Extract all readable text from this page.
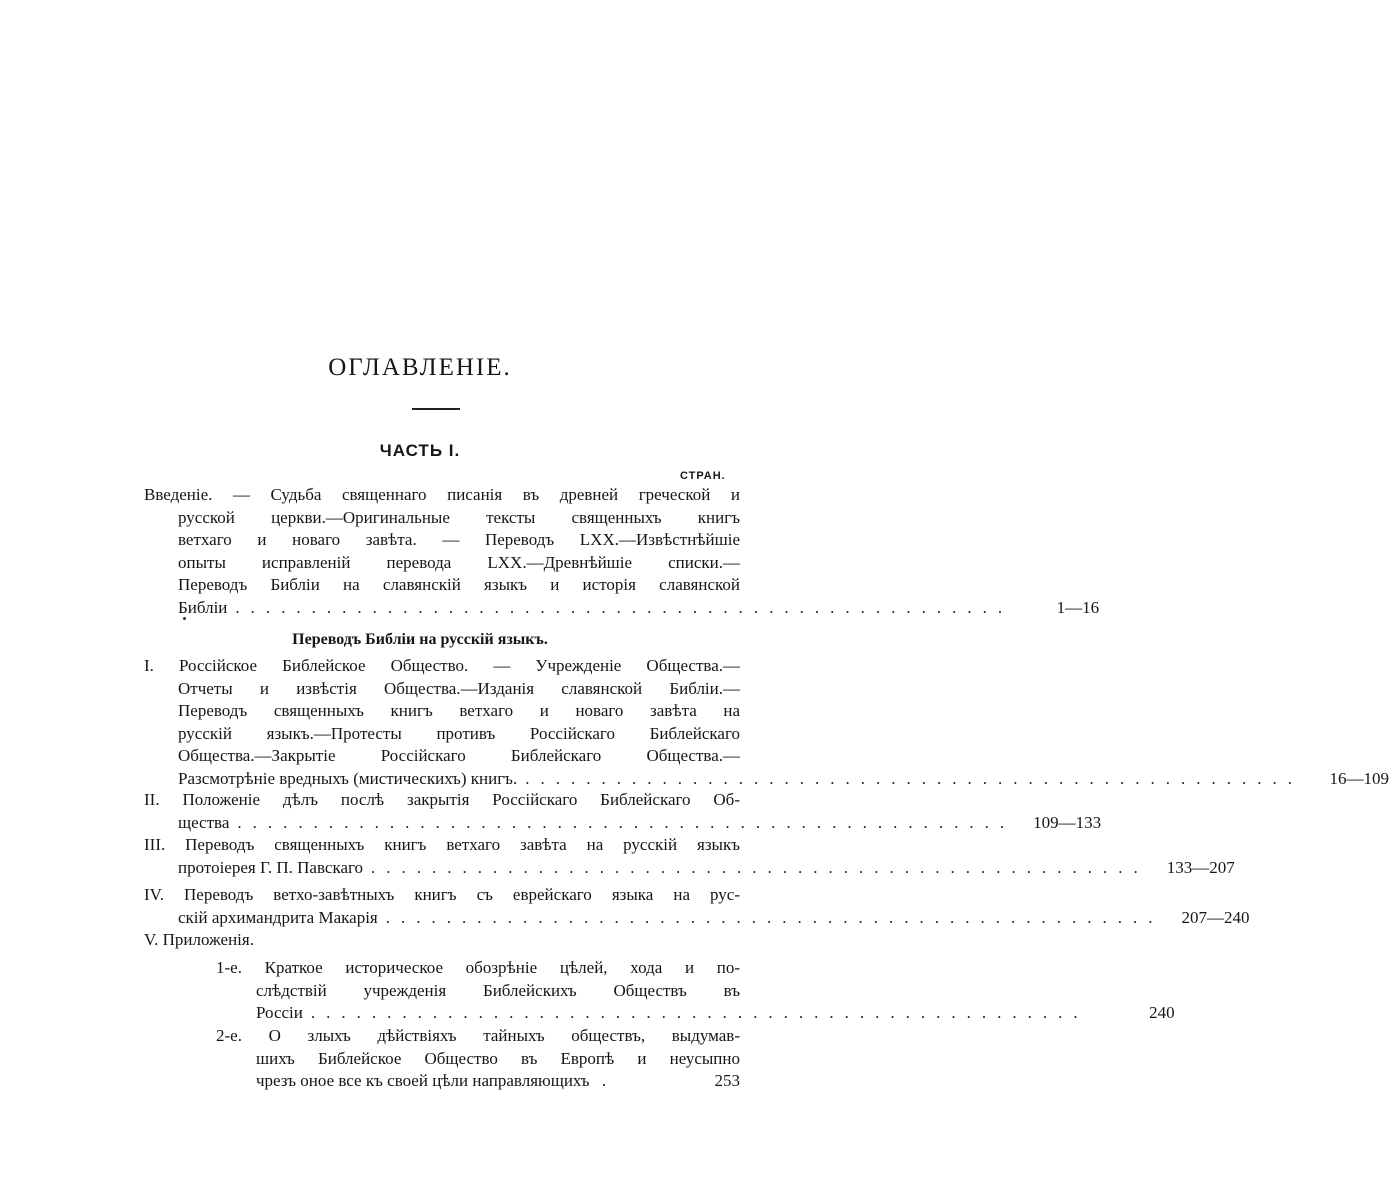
ОГЛАВЛЕНІЕ.
ЧАСТЬ I.
СТРАН.
Введеніе. — Судьба священнаго писанія въ древней греческой и
русской церкви.—Оригинальные тексты священныхъ книгъ
ветхаго и новаго завѣта. — Переводъ LXX.—Извѣстнѣйшіе
опыты исправленій перевода LXX.—Древнѣйшіе списки.—
Переводъ Библіи на славянскій языкъ и исторія славянской
Библіи ...................................................	1—16
Переводъ Библіи на русскій языкъ.
I. Россійское Библейское Общество. — Учрежденіе Общества.—
Отчеты и извѣстія Общества.—Изданія славянской Библіи.—
Переводъ священныхъ книгъ ветхаго и новаго завѣта на
русскій языкъ.—Протесты противъ Россійскаго Библейскаго
Общества.—Закрытіе Россійскаго Библейскаго Общества.—
Разсмотрѣніе вредныхъ (мистическихъ) книгъ. ...................................................	16—109
II. Положеніе дѣлъ послѣ закрытія Россійскаго Библейскаго Об-
щества ...................................................	109—133
III. Переводъ священныхъ книгъ ветхаго завѣта на русскій языкъ
протоіерея Г. П. Павскаго ...................................................	133—207
IV. Переводъ ветхо-завѣтныхъ книгъ съ еврейскаго языка на рус-
скій архимандрита Макарія ...................................................	207—240
V. Приложенія.
1-е. Краткое историческое обозрѣніе цѣлей, хода и по-
слѣдствій учрежденія Библейскихъ Обществъ въ
Россіи ...................................................	240
2-е. О злыхъ дѣйствіяхъ тайныхъ обществъ, выдумав-
шихъ Библейское Общество въ Европѣ и неусыпно
чрезъ оное все къ своей цѣли направляющихъ .	253
